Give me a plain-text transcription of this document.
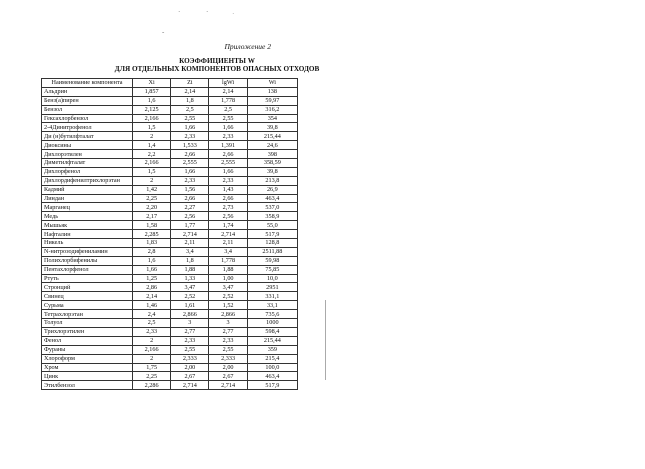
·	·
-
˙
Приложение 2
КОЭФФИЦИЕНТЫ W
ДЛЯ ОТДЕЛЬНЫХ КОМПОНЕНТОВ ОПАСНЫХ ОТХОДОВ
Наименование компонента	Xi	Zi	lgWi	Wi
Альдрин	1,857	2,14	2,14	138
Бенз(а)пирен	1,6	1,8	1,778	59,97
Бензол	2,125	2,5	2,5	316,2
Гексахлорбензол	2,166	2,55	2,55	354
2-4Динитрофенол	1,5	1,66	1,66	39,8
Ди (н)бутилфталат	2	2,33	2,33	215,44
Диоксины	1,4	1,533	1,391	24,6
Дихлорэтилен	2,2	2,66	2,66	398
Диметилфталат	2,166	2,555	2,555	358,59
Дихлорфенол	1,5	1,66	1,66	39,8
Дихлордифенилтрихлорэтан	2	2,33	2,33	213,8
Кадмий	1,42	1,56	1,43	26,9
Линдан	2,25	2,66	2,66	463,4
Марганец	2,20	2,27	2,73	537,0
Медь	2,17	2,56	2,56	358,9
Мышьяк	1,58	1,77	1,74	55,0
Нафталин	2,285	2,714	2,714	517,9
Никель	1,83	2,11	2,11	128,8
N-нитрозодифениламин	2,8	3,4	3,4	2511,88
Полихлорбифенилы	1,6	1,8	1,778	59,98
Пентахлорфенол	1,66	1,88	1,88	75,85
Ртуть	1,25	1,33	1,00	10,0
Стронций	2,86	3,47	3,47	2951
Свинец	2,14	2,52	2,52	331,1
Сурьма	1,46	1,61	1,52	33,1
Тетрахлорэтан	2,4	2,866	2,866	735,6
Толуол	2,5	3	3	1000
Трихлорэтилен	2,33	2,77	2,77	598,4
Фенол	2	2,33	2,33	215,44
Фураны	2,166	2,55	2,55	359
Хлороформ	2	2,333	2,333	215,4
Хром	1,75	2,00	2,00	100,0
Цинк	2,25	2,67	2,67	463,4
Этилбензол	2,286	2,714	2,714	517,9
